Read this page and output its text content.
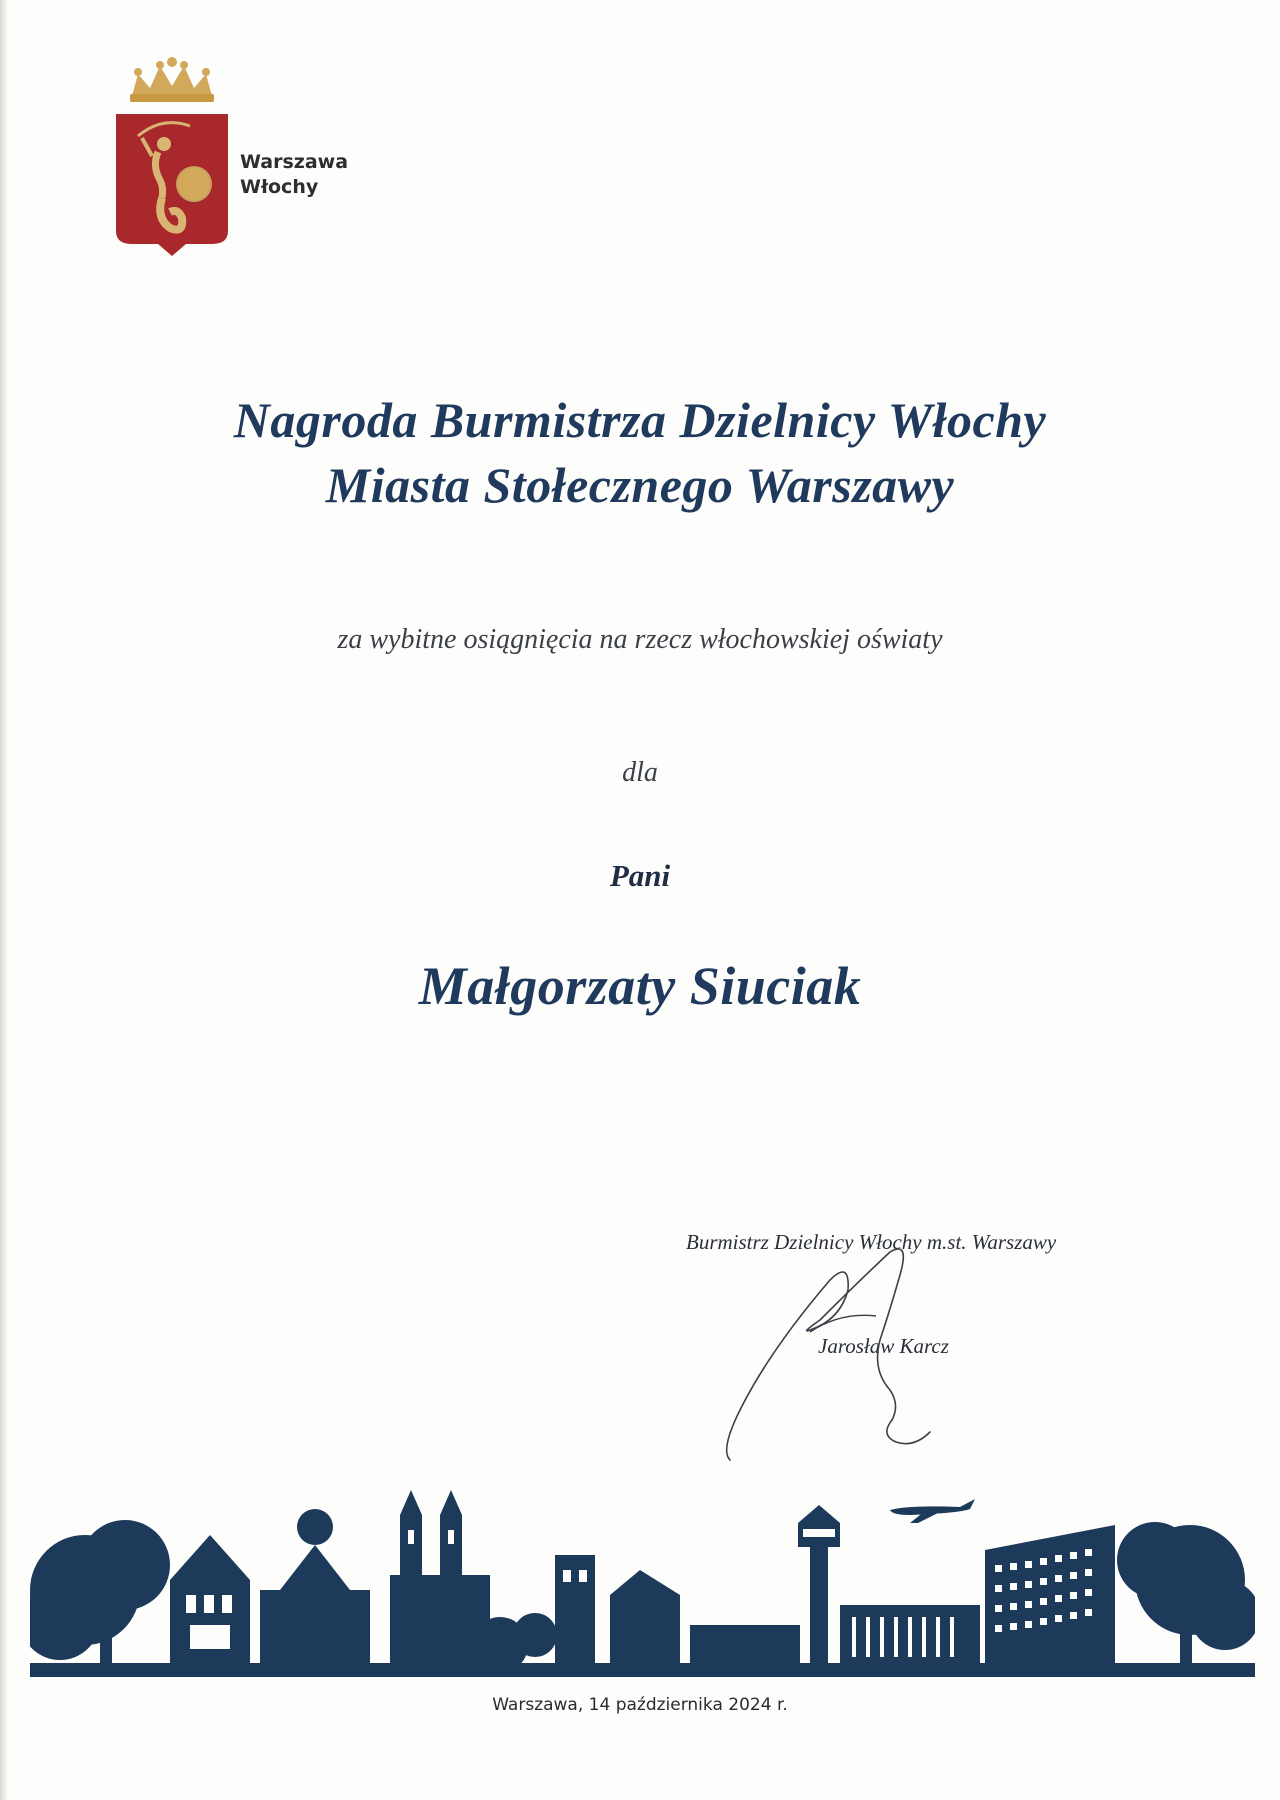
Warszawa
Włochy
Nagroda Burmistrza Dzielnicy Włochy
Miasta Stołecznego Warszawy
za wybitne osiągnięcia na rzecz włochowskiej oświaty
dla
Pani
Małgorzaty Siuciak
Burmistrz Dzielnicy Włochy m.st. Warszawy
Jarosław Karcz
Warszawa, 14 października 2024 r.
